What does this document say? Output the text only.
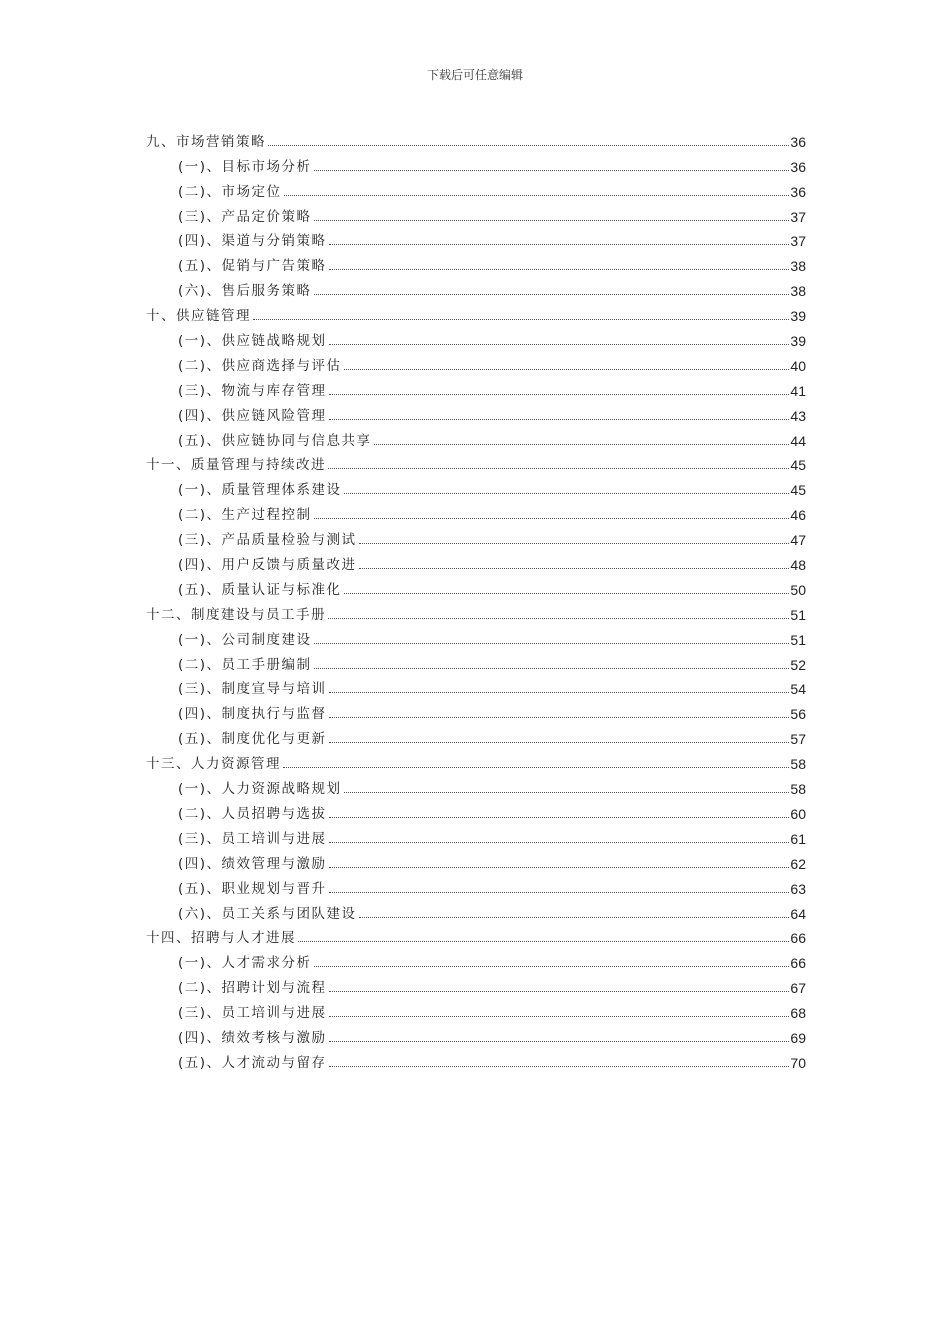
下载后可任意编辑
九、市场营销策略	36
(一)、目标市场分析	36
(二)、市场定位	36
(三)、产品定价策略	37
(四)、渠道与分销策略	37
(五)、促销与广告策略	38
(六)、售后服务策略	38
十、供应链管理	39
(一)、供应链战略规划	39
(二)、供应商选择与评估	40
(三)、物流与库存管理	41
(四)、供应链风险管理	43
(五)、供应链协同与信息共享	44
十一、质量管理与持续改进	45
(一)、质量管理体系建设	45
(二)、生产过程控制	46
(三)、产品质量检验与测试	47
(四)、用户反馈与质量改进	48
(五)、质量认证与标准化	50
十二、制度建设与员工手册	51
(一)、公司制度建设	51
(二)、员工手册编制	52
(三)、制度宣导与培训	54
(四)、制度执行与监督	56
(五)、制度优化与更新	57
十三、人力资源管理	58
(一)、人力资源战略规划	58
(二)、人员招聘与选拔	60
(三)、员工培训与进展	61
(四)、绩效管理与激励	62
(五)、职业规划与晋升	63
(六)、员工关系与团队建设	64
十四、招聘与人才进展	66
(一)、人才需求分析	66
(二)、招聘计划与流程	67
(三)、员工培训与进展	68
(四)、绩效考核与激励	69
(五)、人才流动与留存	70
